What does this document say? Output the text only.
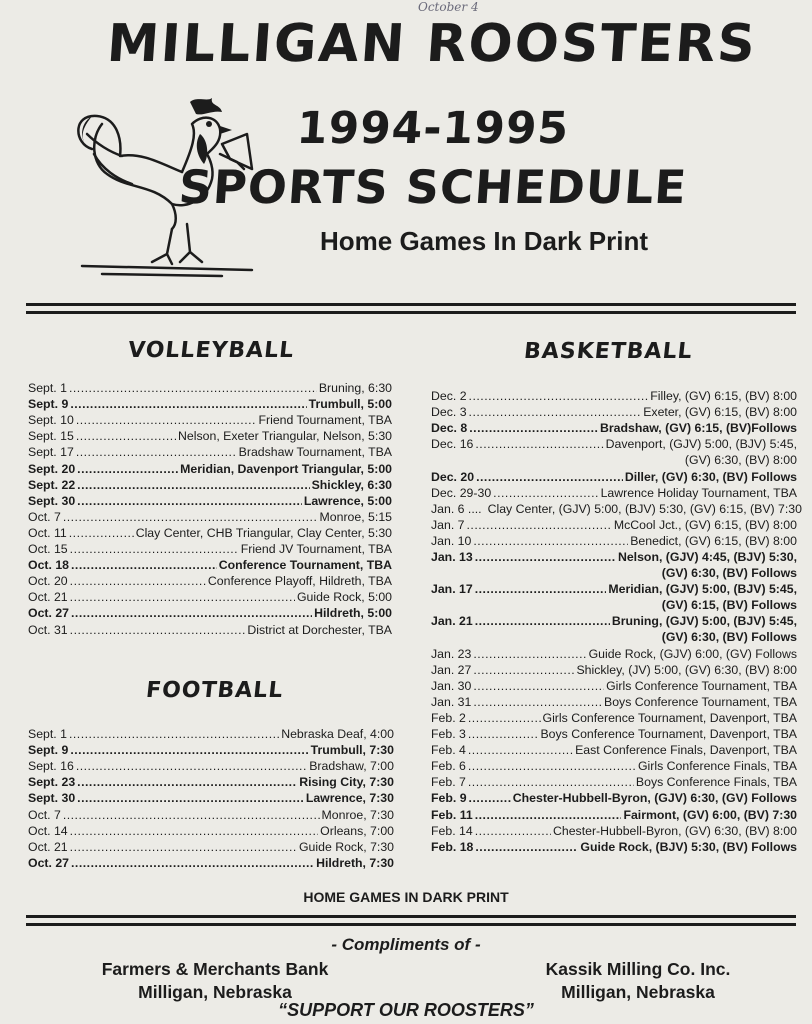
October 4
MILLIGAN ROOSTERS
1994-1995
SPORTS SCHEDULE
Home Games In Dark Print
VOLLEYBALL	BASKETBALL
FOOTBALL
Sept. 1 .....	Bruning, 6:30
Sept. 9 .....	Trumbull, 5:00
Sept. 10 .....	Friend Tournament, TBA
Sept. 15 .....	Nelson, Exeter Triangular, Nelson, 5:30
Sept. 17 .....	Bradshaw Tournament, TBA
Sept. 20 .....	Meridian, Davenport Triangular, 5:00
Sept. 22 .....	Shickley, 6:30
Sept. 30 .....	Lawrence, 5:00
Oct. 7 .....	Monroe, 5:15
Oct. 11 .....	Clay Center, CHB Triangular, Clay Center, 5:30
Oct. 15 .....	Friend JV Tournament, TBA
Oct. 18 .....	Conference Tournament, TBA
Oct. 20 .....	Conference Playoff, Hildreth, TBA
Oct. 21 .....	Guide Rock, 5:00
Oct. 27 .....	Hildreth, 5:00
Oct. 31 .....	District at Dorchester, TBA
Sept. 1 .....	Nebraska Deaf, 4:00
Sept. 9 .....	Trumbull, 7:30
Sept. 16 .....	Bradshaw, 7:00
Sept. 23 .....	Rising City, 7:30
Sept. 30 .....	Lawrence, 7:30
Oct. 7 .....	Monroe, 7:30
Oct. 14 .....	Orleans, 7:00
Oct. 21 .....	Guide Rock, 7:30
Oct. 27 .....	Hildreth, 7:30
Dec. 2 .....	Filley, (GV) 6:15, (BV) 8:00
Dec. 3 .....	Exeter, (GV) 6:15, (BV) 8:00
Dec. 8 .....	Bradshaw, (GV) 6:15, (BV)Follows
Dec. 16 .....	Davenport, (GJV) 5:00, (BJV) 5:45,
(GV) 6:30, (BV) 8:00
Dec. 20 .....	Diller, (GV) 6:30, (BV) Follows
Dec. 29-30 .....	Lawrence Holiday Tournament, TBA
Jan. 6 .... Clay Center, (GJV) 5:00, (BJV) 5:30, (GV) 6:15, (BV) 7:30
Jan. 7 .....	McCool Jct., (GV) 6:15, (BV) 8:00
Jan. 10 .....	Benedict, (GV) 6:15, (BV) 8:00
Jan. 13 .....	Nelson, (GJV) 4:45, (BJV) 5:30,
(GV) 6:30, (BV) Follows
Jan. 17 .....	Meridian, (GJV) 5:00, (BJV) 5:45,
(GV) 6:15, (BV) Follows
Jan. 21 .....	Bruning, (GJV) 5:00, (BJV) 5:45,
(GV) 6:30, (BV) Follows
Jan. 23 .....	Guide Rock, (GJV) 6:00, (GV) Follows
Jan. 27 .....	Shickley, (JV) 5:00, (GV) 6:30, (BV) 8:00
Jan. 30 .....	Girls Conference Tournament, TBA
Jan. 31 .....	Boys Conference Tournament, TBA
Feb. 2 .....	Girls Conference Tournament, Davenport, TBA
Feb. 3 .....	Boys Conference Tournament, Davenport, TBA
Feb. 4 .....	East Conference Finals, Davenport, TBA
Feb. 6 .....	Girls Conference Finals, TBA
Feb. 7 .....	Boys Conference Finals, TBA
Feb. 9 .....	Chester-Hubbell-Byron, (GJV) 6:30, (GV) Follows
Feb. 11 .....	Fairmont, (GV) 6:00, (BV) 7:30
Feb. 14 .....	Chester-Hubbell-Byron, (GV) 6:30, (BV) 8:00
Feb. 18 .....	Guide Rock, (BJV) 5:30, (BV) Follows
HOME GAMES IN DARK PRINT
- Compliments of -
Farmers & Merchants Bank
Milligan, Nebraska
Kassik Milling Co. Inc.
Milligan, Nebraska
“SUPPORT OUR ROOSTERS”
